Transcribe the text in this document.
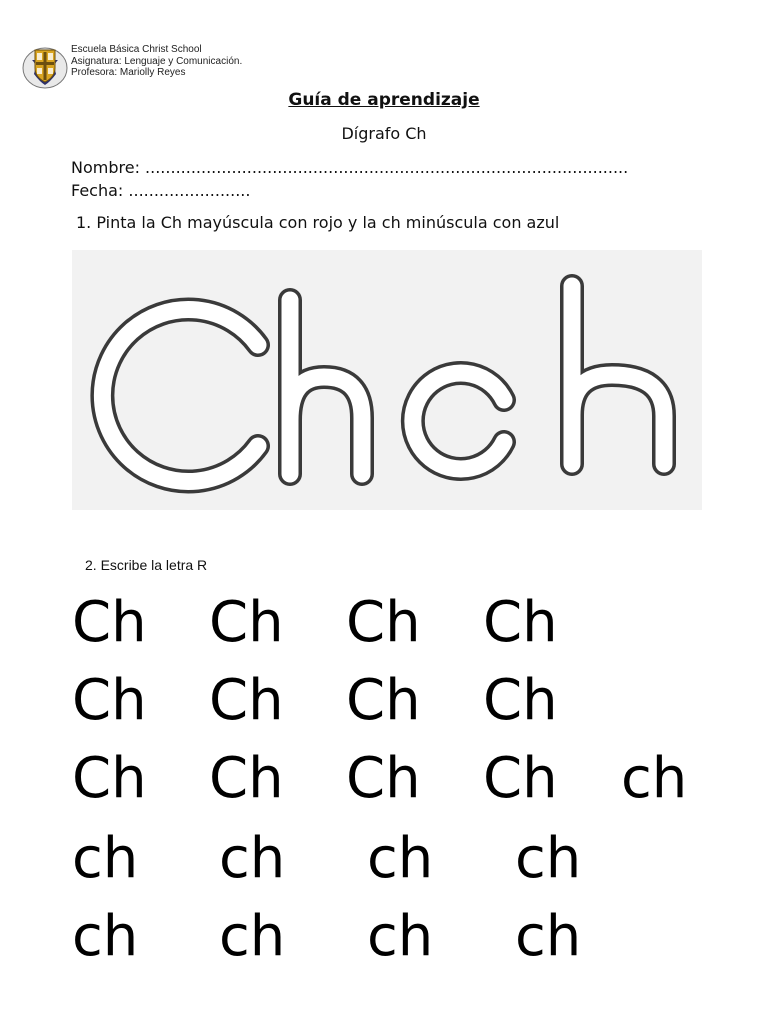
Escuela Básica Christ School
Asignatura: Lenguaje y Comunicación.
Profesora: Mariolly Reyes
Guía de aprendizaje
Dígrafo Ch
Nombre: ...............................................................................................
Fecha: ........................
1. Pinta la Ch mayúscula con rojo y la ch minúscula con azul
2. Escribe la letra R
Ch Ch Ch Ch
Ch Ch Ch Ch
Ch Ch Ch Ch ch
ch ch ch ch
ch ch ch ch
